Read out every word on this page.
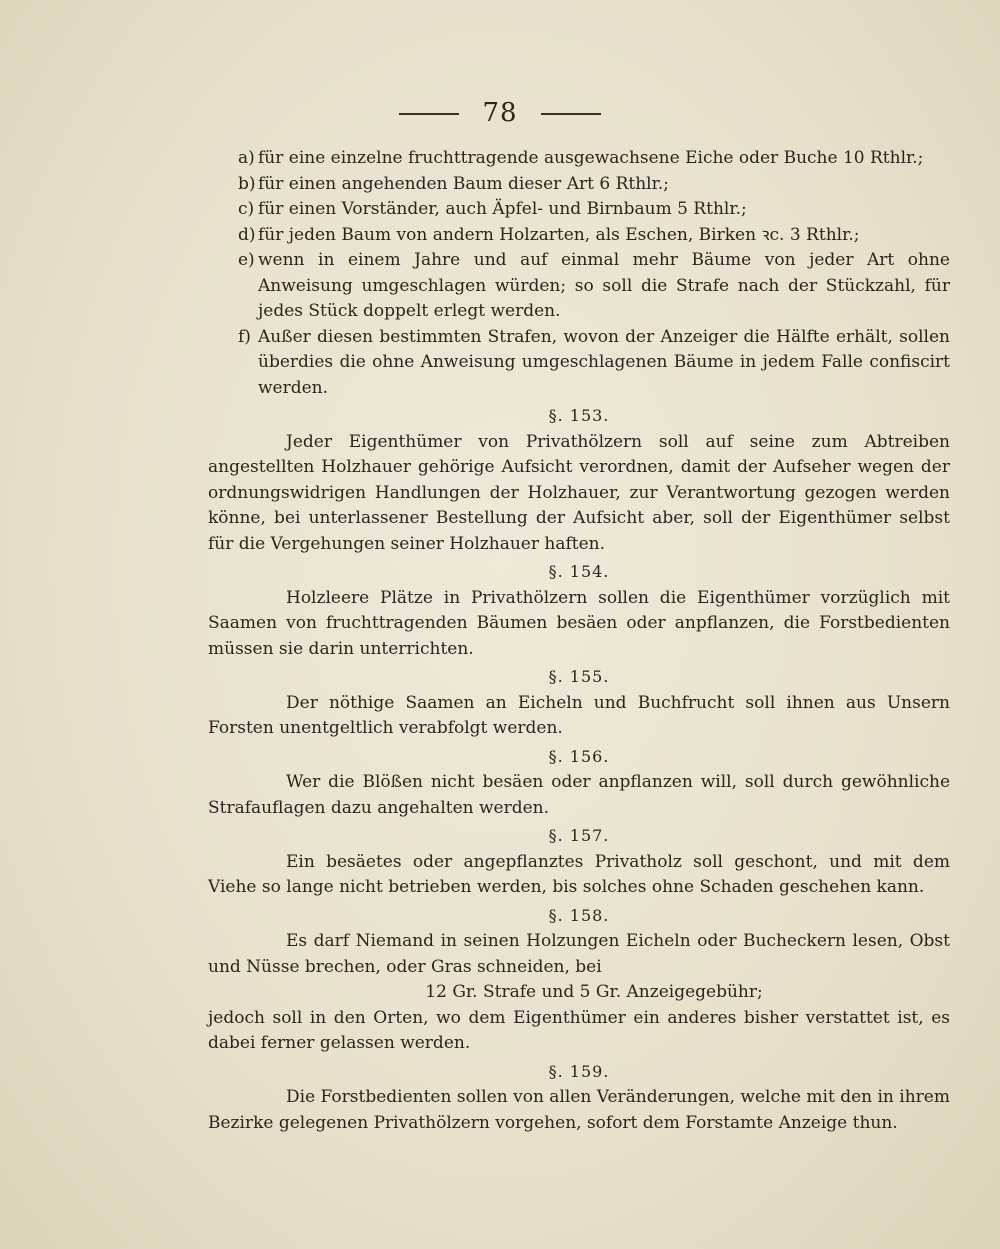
78
a) für eine einzelne fruchttragende ausgewachsene Eiche oder Buche 10 Rthlr.;

b) für einen angehenden Baum dieser Art 6 Rthlr.;

c) für einen Vorständer, auch Äpfel- und Birnbaum 5 Rthlr.;

d) für jeden Baum von andern Holzarten, als Eschen, Birken ꝛc. 3 Rthlr.;

e) wenn in einem Jahre und auf einmal mehr Bäume von jeder Art ohne Anweisung umgeschlagen würden; so soll die Strafe nach der Stückzahl, für jedes Stück doppelt erlegt werden.

f) Außer diesen bestimmten Strafen, wovon der Anzeiger die Hälfte erhält, sollen überdies die ohne Anweisung umgeschlagenen Bäume in jedem Falle confiscirt werden.

§. 153.

Jeder Eigenthümer von Privathölzern soll auf seine zum Abtreiben angestellten Holzhauer gehörige Aufsicht verordnen, damit der Aufseher wegen der ordnungswidrigen Handlungen der Holzhauer, zur Verantwortung gezogen werden könne, bei unterlassener Bestellung der Aufsicht aber, soll der Eigenthümer selbst für die Vergehungen seiner Holzhauer haften.

§. 154.

Holzleere Plätze in Privathölzern sollen die Eigenthümer vorzüglich mit Saamen von fruchttragenden Bäumen besäen oder anpflanzen, die Forstbedienten müssen sie darin unterrichten.

§. 155.

Der nöthige Saamen an Eicheln und Buchfrucht soll ihnen aus Unsern Forsten unentgeltlich verabfolgt werden.

§. 156.

Wer die Blößen nicht besäen oder anpflanzen will, soll durch gewöhnliche Strafauflagen dazu angehalten werden.

§. 157.

Ein besäetes oder angepflanztes Privatholz soll geschont, und mit dem Viehe so lange nicht betrieben werden, bis solches ohne Schaden geschehen kann.

§. 158.

Es darf Niemand in seinen Holzungen Eicheln oder Bucheckern lesen, Obst und Nüsse brechen, oder Gras schneiden, bei

12 Gr. Strafe und 5 Gr. Anzeigegebühr;

jedoch soll in den Orten, wo dem Eigenthümer ein anderes bisher verstattet ist, es dabei ferner gelassen werden.

§. 159.

Die Forstbedienten sollen von allen Veränderungen, welche mit den in ihrem Bezirke gelegenen Privathölzern vorgehen, sofort dem Forstamte Anzeige thun.
